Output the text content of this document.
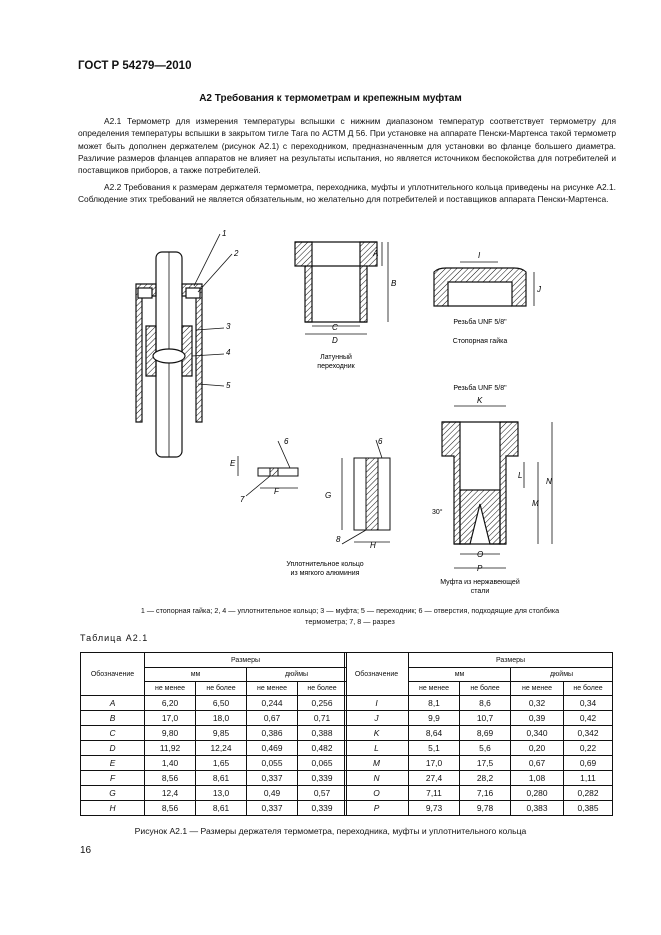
ГОСТ Р 54279—2010
А2 Требования к термометрам и крепежным муфтам
А2.1 Термометр для измерения температуры вспышки с нижним диапазоном температур соответствует термометру для определения температуры вспышки в закрытом тигле Тага по АСТМ Д 56. При установке на аппарате Пенски-Мартенса такой термометр может быть дополнен держателем (рисунок А2.1) с переходником, предназначенным для установки во фланце большего диаметра. Различие размеров фланцев аппаратов не влияет на результаты испытания, но является источником беспокойства для потребителей и поставщиков приборов, а также потребителей.
А2.2 Требования к размерам держателя термометра, переходника, муфты и уплотнительного кольца приведены на рисунке А2.1. Соблюдение этих требований не является обязательным, но желательно для потребителей и поставщиков аппарата Пенски-Мартенса.
1
2
3
4
5
C
D
A
B
Латунный
переходник
I
J
Резьба UNF 5/8"
Стопорная гайка
E
F
6
7	G
H
6
8
Уплотнительное кольцо
из мягкого алюминия
Резьба UNF 5/8"
K
L
M
N
O
P
30°
Муфта из нержавеющей
стали
1 — стопорная гайка; 2, 4 — уплотнительное кольцо; 3 — муфта; 5 — переходник; 6 — отверстия, подходящие для столбика
термометра; 7, 8 — разрез
Таблица А2.1
Обозначение	Размеры			
	мм		дюймы	
	не менее	не более	не менее	не более
A	6,20	6,50	0,244	0,256
B	17,0	18,0	0,67	0,71
C	9,80	9,85	0,386	0,388
D	11,92	12,24	0,469	0,482
E	1,40	1,65	0,055	0,065
F	8,56	8,61	0,337	0,339
G	12,4	13,0	0,49	0,57
H	8,56	8,61	0,337	0,339
Обозначение	Размеры			
	мм		дюймы	
	не менее	не более	не менее	не более
I	8,1	8,6	0,32	0,34
J	9,9	10,7	0,39	0,42
K	8,64	8,69	0,340	0,342
L	5,1	5,6	0,20	0,22
M	17,0	17,5	0,67	0,69
N	27,4	28,2	1,08	1,11
O	7,11	7,16	0,280	0,282
P	9,73	9,78	0,383	0,385
Рисунок А2.1 — Размеры держателя термометра, переходника, муфты и уплотнительного кольца
16
